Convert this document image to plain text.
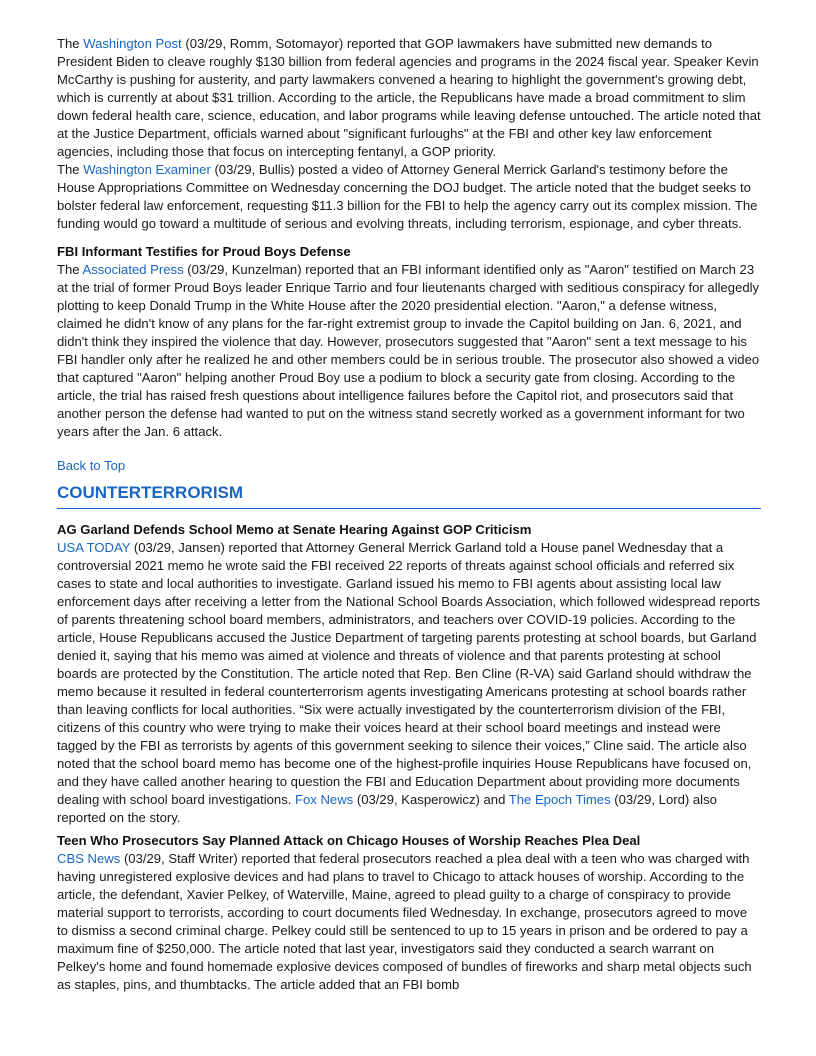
The Washington Post (03/29, Romm, Sotomayor) reported that GOP lawmakers have submitted new demands to President Biden to cleave roughly $130 billion from federal agencies and programs in the 2024 fiscal year. Speaker Kevin McCarthy is pushing for austerity, and party lawmakers convened a hearing to highlight the government's growing debt, which is currently at about $31 trillion. According to the article, the Republicans have made a broad commitment to slim down federal health care, science, education, and labor programs while leaving defense untouched. The article noted that at the Justice Department, officials warned about "significant furloughs" at the FBI and other key law enforcement agencies, including those that focus on intercepting fentanyl, a GOP priority.

The Washington Examiner (03/29, Bullis) posted a video of Attorney General Merrick Garland's testimony before the House Appropriations Committee on Wednesday concerning the DOJ budget. The article noted that the budget seeks to bolster federal law enforcement, requesting $11.3 billion for the FBI to help the agency carry out its complex mission. The funding would go toward a multitude of serious and evolving threats, including terrorism, espionage, and cyber threats.

FBI Informant Testifies for Proud Boys Defense

The Associated Press (03/29, Kunzelman) reported that an FBI informant identified only as "Aaron" testified on March 23 at the trial of former Proud Boys leader Enrique Tarrio and four lieutenants charged with seditious conspiracy for allegedly plotting to keep Donald Trump in the White House after the 2020 presidential election. "Aaron," a defense witness, claimed he didn't know of any plans for the far-right extremist group to invade the Capitol building on Jan. 6, 2021, and didn't think they inspired the violence that day. However, prosecutors suggested that "Aaron" sent a text message to his FBI handler only after he realized he and other members could be in serious trouble. The prosecutor also showed a video that captured "Aaron" helping another Proud Boy use a podium to block a security gate from closing. According to the article, the trial has raised fresh questions about intelligence failures before the Capitol riot, and prosecutors said that another person the defense had wanted to put on the witness stand secretly worked as a government informant for two years after the Jan. 6 attack.

Back to Top

COUNTERTERRORISM

AG Garland Defends School Memo at Senate Hearing Against GOP Criticism

USA TODAY (03/29, Jansen) reported that Attorney General Merrick Garland told a House panel Wednesday that a controversial 2021 memo he wrote said the FBI received 22 reports of threats against school officials and referred six cases to state and local authorities to investigate. Garland issued his memo to FBI agents about assisting local law enforcement days after receiving a letter from the National School Boards Association, which followed widespread reports of parents threatening school board members, administrators, and teachers over COVID-19 policies. According to the article, House Republicans accused the Justice Department of targeting parents protesting at school boards, but Garland denied it, saying that his memo was aimed at violence and threats of violence and that parents protesting at school boards are protected by the Constitution. The article noted that Rep. Ben Cline (R-VA) said Garland should withdraw the memo because it resulted in federal counterterrorism agents investigating Americans protesting at school boards rather than leaving conflicts for local authorities. “Six were actually investigated by the counterterrorism division of the FBI, citizens of this country who were trying to make their voices heard at their school board meetings and instead were tagged by the FBI as terrorists by agents of this government seeking to silence their voices,” Cline said. The article also noted that the school board memo has become one of the highest-profile inquiries House Republicans have focused on, and they have called another hearing to question the FBI and Education Department about providing more documents dealing with school board investigations. Fox News (03/29, Kasperowicz) and The Epoch Times (03/29, Lord) also reported on the story.

Teen Who Prosecutors Say Planned Attack on Chicago Houses of Worship Reaches Plea Deal

CBS News (03/29, Staff Writer) reported that federal prosecutors reached a plea deal with a teen who was charged with having unregistered explosive devices and had plans to travel to Chicago to attack houses of worship. According to the article, the defendant, Xavier Pelkey, of Waterville, Maine, agreed to plead guilty to a charge of conspiracy to provide material support to terrorists, according to court documents filed Wednesday. In exchange, prosecutors agreed to move to dismiss a second criminal charge. Pelkey could still be sentenced to up to 15 years in prison and be ordered to pay a maximum fine of $250,000. The article noted that last year, investigators said they conducted a search warrant on Pelkey's home and found homemade explosive devices composed of bundles of fireworks and sharp metal objects such as staples, pins, and thumbtacks. The article added that an FBI bomb
